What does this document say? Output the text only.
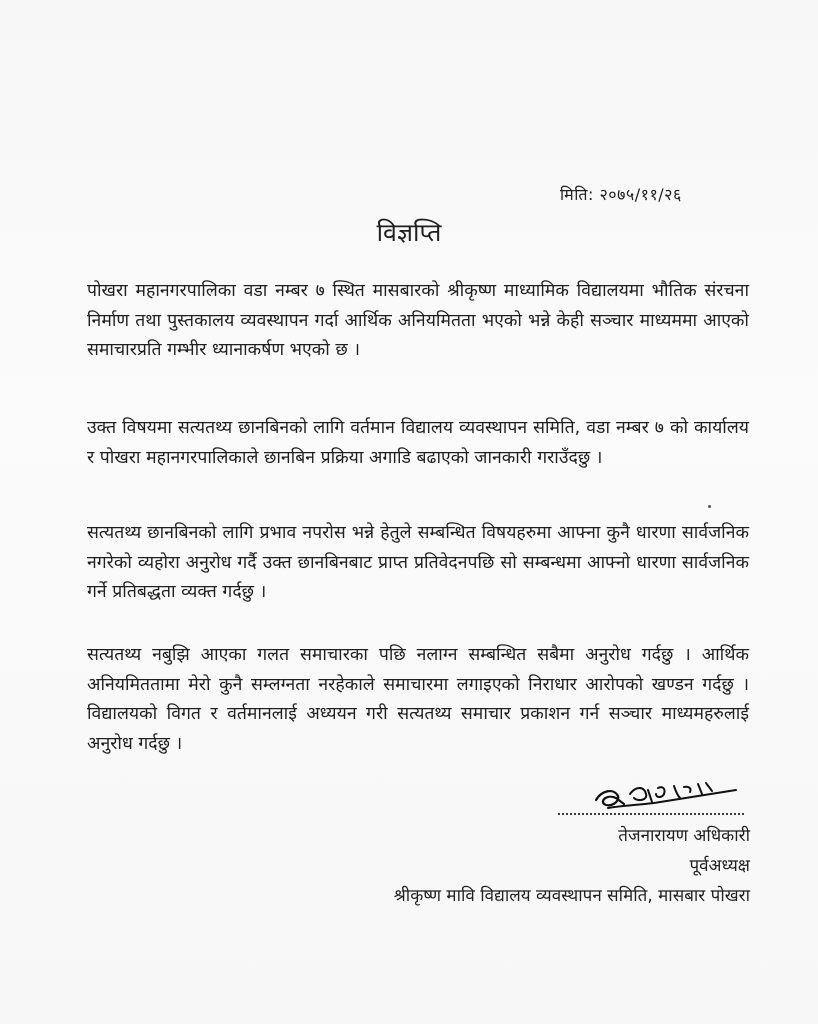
मिति: २०७५/११/२६
विज्ञप्ति

पोखरा महानगरपालिका वडा नम्बर ७ स्थित मासबारको श्रीकृष्ण माध्यामिक विद्यालयमा भौतिक संरचना निर्माण तथा पुस्तकालय व्यवस्थापन गर्दा आर्थिक अनियमितता भएको भन्ने केही सञ्चार माध्यममा आएको समाचारप्रति गम्भीर ध्यानाकर्षण भएको छ ।

उक्त विषयमा सत्यतथ्य छानबिनको लागि वर्तमान विद्यालय व्यवस्थापन समिति, वडा नम्बर ७ को कार्यालय र पोखरा महानगरपालिकाले छानबिन प्रक्रिया अगाडि बढाएको जानकारी गराउँदछु ।

सत्यतथ्य छानबिनको लागि प्रभाव नपरोस भन्ने हेतुले सम्बन्धित विषयहरुमा आफ्ना कुनै धारणा सार्वजनिक नगरेको व्यहोरा अनुरोध गर्दै उक्त छानबिनबाट प्राप्त प्रतिवेदनपछि सो सम्बन्धमा आफ्नो धारणा सार्वजनिक गर्ने प्रतिबद्धता व्यक्त गर्दछु ।

सत्यतथ्य नबुझि आएका गलत समाचारका पछि नलाग्न सम्बन्धित सबैमा अनुरोध गर्दछु । आर्थिक अनियमिततामा मेरो कुनै सम्लग्नता नरहेकाले समाचारमा लगाइएको निराधार आरोपको खण्डन गर्दछु । विद्यालयको विगत र वर्तमानलाई अध्ययन गरी सत्यतथ्य समाचार प्रकाशन गर्न सञ्चार माध्यमहरुलाई अनुरोध गर्दछु ।

तेजनारायण अधिकारी
पूर्वअध्यक्ष
श्रीकृष्ण मावि विद्यालय व्यवस्थापन समिति, मासबार पोखरा
